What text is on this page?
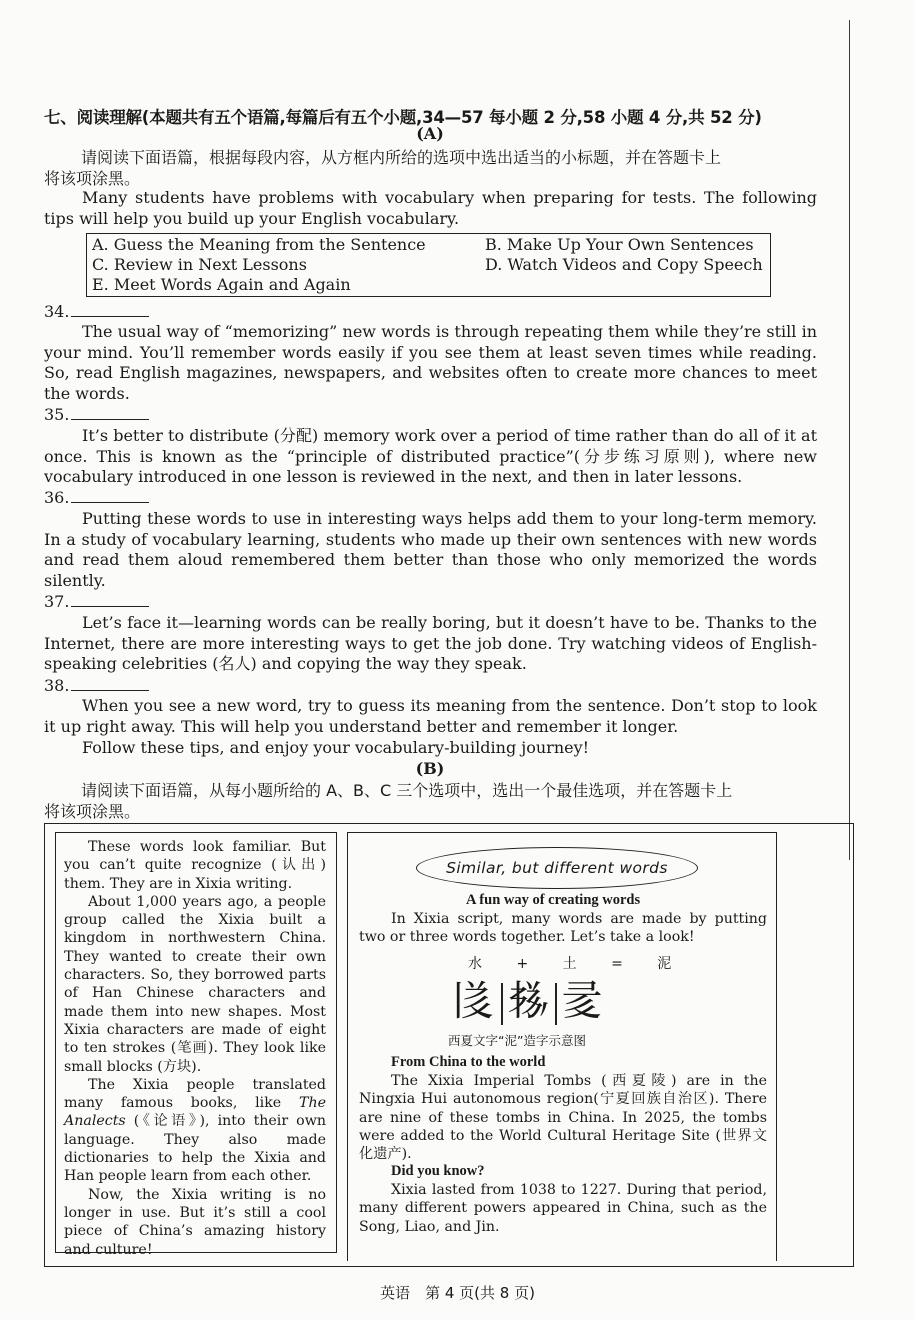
七、阅读理解(本题共有五个语篇,每篇后有五个小题,34—57 每小题 2 分,58 小题 4 分,共 52 分)
(A)
请阅读下面语篇，根据每段内容，从方框内所给的选项中选出适当的小标题，并在答题卡上
将该项涂黑。
Many students have problems with vocabulary when preparing for tests. The following tips will help you build up your English vocabulary.
A. Guess the Meaning from the Sentence	B. Make Up Your Own Sentences
C. Review in Next Lessons	D. Watch Videos and Copy Speech
E. Meet Words Again and Again
34.
The usual way of “memorizing” new words is through repeating them while they’re still in your mind. You’ll remember words easily if you see them at least seven times while reading. So, read English magazines, newspapers, and websites often to create more chances to meet the words.
35.
It’s better to distribute (分配) memory work over a period of time rather than do all of it at once. This is known as the “principle of distributed practice”(分步练习原则), where new vocabulary introduced in one lesson is reviewed in the next, and then in later lessons.
36.
Putting these words to use in interesting ways helps add them to your long-term memory. In a study of vocabulary learning, students who made up their own sentences with new words and read them aloud remembered them better than those who only memorized the words silently.
37.
Let’s face it—learning words can be really boring, but it doesn’t have to be. Thanks to the Internet, there are more interesting ways to get the job done. Try watching videos of English-speaking celebrities (名人) and copying the way they speak.
38.
When you see a new word, try to guess its meaning from the sentence. Don’t stop to look it up right away. This will help you understand better and remember it longer.
Follow these tips, and enjoy your vocabulary-building journey!
(B)
请阅读下面语篇，从每小题所给的 A、B、C 三个选项中，选出一个最佳选项，并在答题卡上
将该项涂黑。

These words look familiar. But you can’t quite recognize (认出) them. They are in Xixia writing.

About 1,000 years ago, a people group called the Xixia built a kingdom in northwestern China. They wanted to create their own characters. So, they borrowed parts of Han Chinese characters and made them into new shapes. Most Xixia characters are made of eight to ten strokes (笔画). They look like small blocks (方块).

The Xixia people translated many famous books, like The Analects (《论语》), into their own language. They also made dictionaries to help the Xixia and Han people learn from each other.

Now, the Xixia writing is no longer in use. But it’s still a cool piece of China’s amazing history and culture!

Similar, but different words
A fun way of creating words

In Xixia script, many words are made by putting two or three words together. Let’s take a look!

水 + 土 = 泥
𗁅 𗈪 𗕌
西夏文字“泥”造字示意图
From China to the world

The Xixia Imperial Tombs (西夏陵) are in the Ningxia Hui autonomous region(宁夏回族自治区). There are nine of these tombs in China. In 2025, the tombs were added to the World Cultural Heritage Site (世界文化遗产).

Did you know?

Xixia lasted from 1038 to 1227. During that period, many different powers appeared in China, such as the Song, Liao, and Jin.

英语　第 4 页(共 8 页)
